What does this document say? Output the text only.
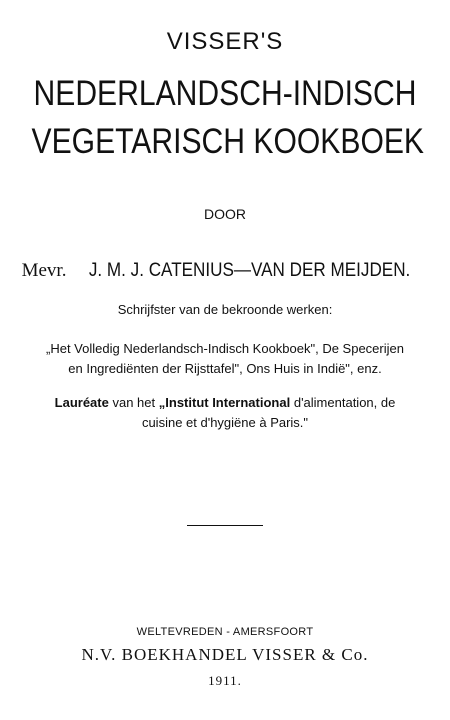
VISSER'S
NEDERLANDSCH-INDISCH
VEGETARISCH KOOKBOEK
DOOR
Mevr. J. M. J. CATENIUS—VAN DER MEIJDEN.
Schrijfster van de bekroonde werken:
„Het Volledig Nederlandsch-Indisch Kookboek", De Specerijen
en Ingrediënten der Rijsttafel", Ons Huis in Indië", enz.
Lauréate van het „Institut International d'alimentation, de
cuisine et d'hygiëne à Paris."
WELTEVREDEN - AMERSFOORT
N.V. BOEKHANDEL VISSER & Co.
1911.
